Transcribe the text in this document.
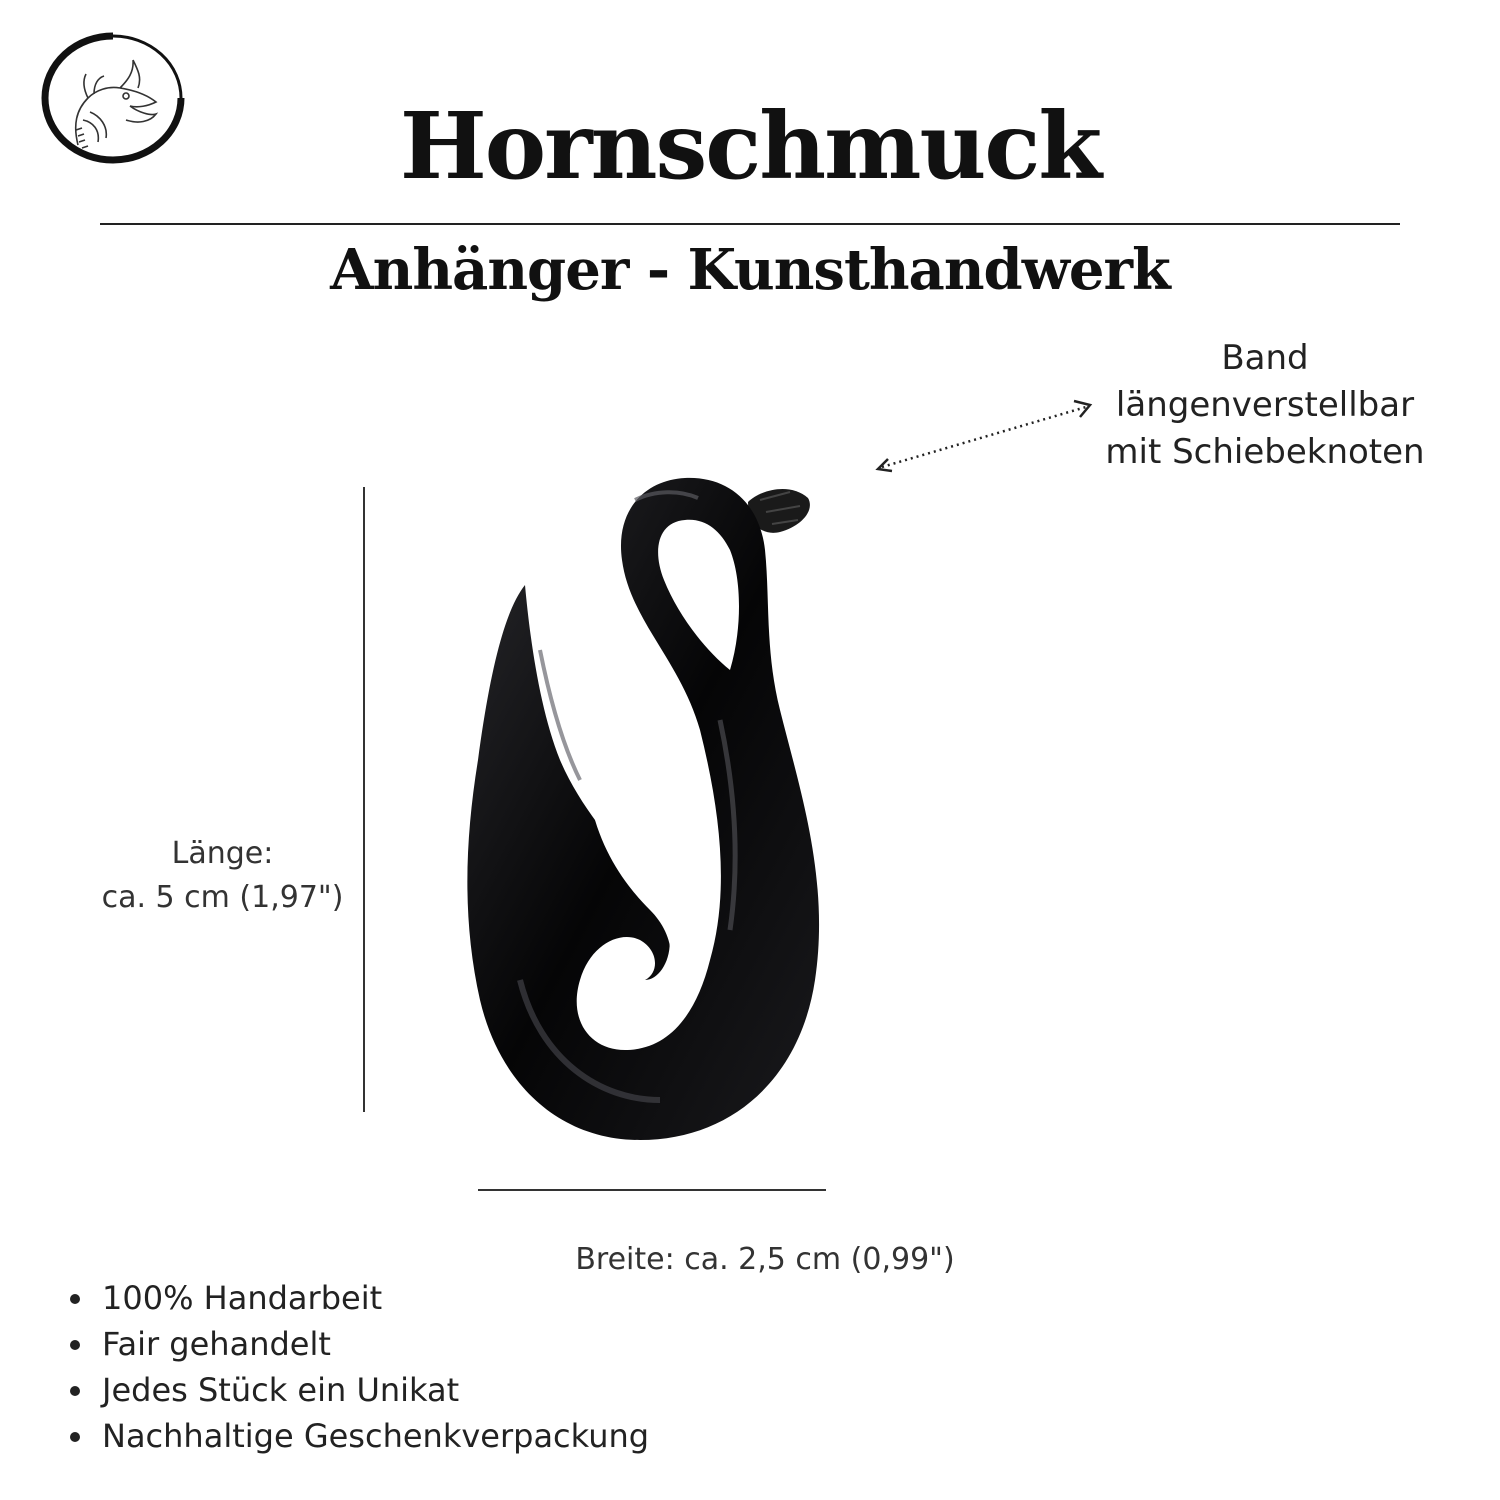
Hornschmuck
Anhänger - Kunsthandwerk
Band
längenverstellbar
mit Schiebeknoten
Länge:
ca. 5 cm (1,97")
Breite: ca. 2,5 cm (0,99")
100% Handarbeit
Fair gehandelt
Jedes Stück ein Unikat
Nachhaltige Geschenkverpackung
